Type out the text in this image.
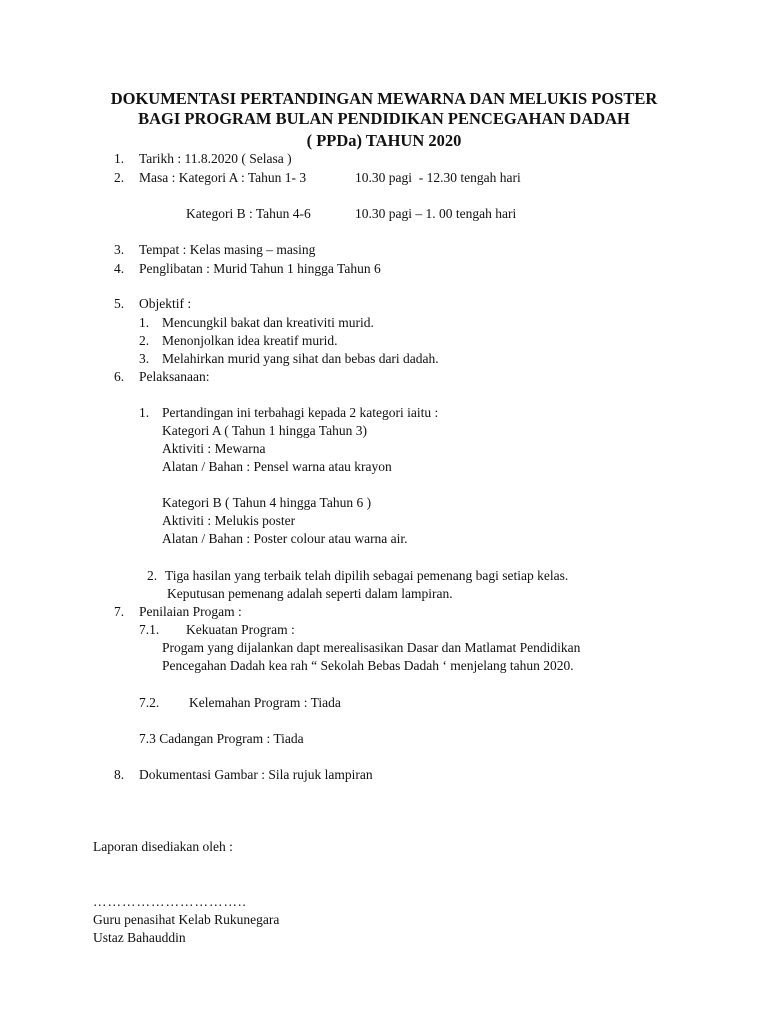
DOKUMENTASI PERTANDINGAN MEWARNA DAN MELUKIS POSTER
BAGI PROGRAM BULAN PENDIDIKAN PENCEGAHAN DADAH
( PPDa) TAHUN 2020
1. Tarikh : 11.8.2020 ( Selasa )
2. Masa : Kategori A : Tahun 1- 3	10.30 pagi  - 12.30 tengah hari
Kategori B : Tahun 4-6	10.30 pagi – 1. 00 tengah hari
3. Tempat : Kelas masing – masing
4. Penglibatan : Murid Tahun 1 hingga Tahun 6
5. Objektif :
1. Mencungkil bakat dan kreativiti murid.
2. Menonjolkan idea kreatif murid.
3. Melahirkan murid yang sihat dan bebas dari dadah.
6. Pelaksanaan:
1. Pertandingan ini terbahagi kepada 2 kategori iaitu :
Kategori A ( Tahun 1 hingga Tahun 3)
Aktiviti : Mewarna
Alatan / Bahan : Pensel warna atau krayon
Kategori B ( Tahun 4 hingga Tahun 6 )
Aktiviti : Melukis poster
Alatan / Bahan : Poster colour atau warna air.
2. Tiga hasilan yang terbaik telah dipilih sebagai pemenang bagi setiap kelas.
Keputusan pemenang adalah seperti dalam lampiran.
7. Penilaian Progam :
7.1. Kekuatan Program :
Progam yang dijalankan dapt merealisasikan Dasar dan Matlamat Pendidikan
Pencegahan Dadah kea rah “ Sekolah Bebas Dadah ‘ menjelang tahun 2020.
7.2. Kelemahan Program : Tiada
7.3 Cadangan Program : Tiada
8. Dokumentasi Gambar : Sila rujuk lampiran
Laporan disediakan oleh :
…………………………..
Guru penasihat Kelab Rukunegara
Ustaz Bahauddin
